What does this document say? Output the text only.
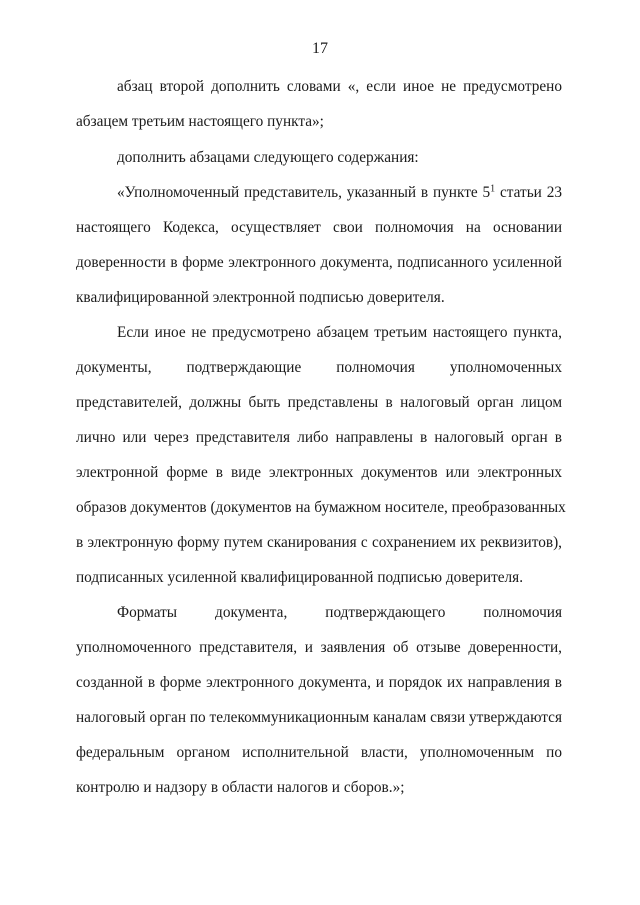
17
абзац второй дополнить словами «, если иное не предусмотрено
абзацем третьим настоящего пункта»;
дополнить абзацами следующего содержания:
«Уполномоченный представитель, указанный в пункте $5^1$ статьи 23
настоящего Кодекса, осуществляет свои полномочия на основании
доверенности в форме электронного документа, подписанного усиленной
квалифицированной электронной подписью доверителя.
Если иное не предусмотрено абзацем третьим настоящего пункта,
документы, подтверждающие полномочия уполномоченных
представителей, должны быть представлены в налоговый орган лицом
лично или через представителя либо направлены в налоговый орган в
электронной форме в виде электронных документов или электронных
образов документов (документов на бумажном носителе, преобразованных
в электронную форму путем сканирования с сохранением их реквизитов),
подписанных усиленной квалифицированной подписью доверителя.
Форматы документа, подтверждающего полномочия
уполномоченного представителя, и заявления об отзыве доверенности,
созданной в форме электронного документа, и порядок их направления в
налоговый орган по телекоммуникационным каналам связи утверждаются
федеральным органом исполнительной власти, уполномоченным по
контролю и надзору в области налогов и сборов.»;
